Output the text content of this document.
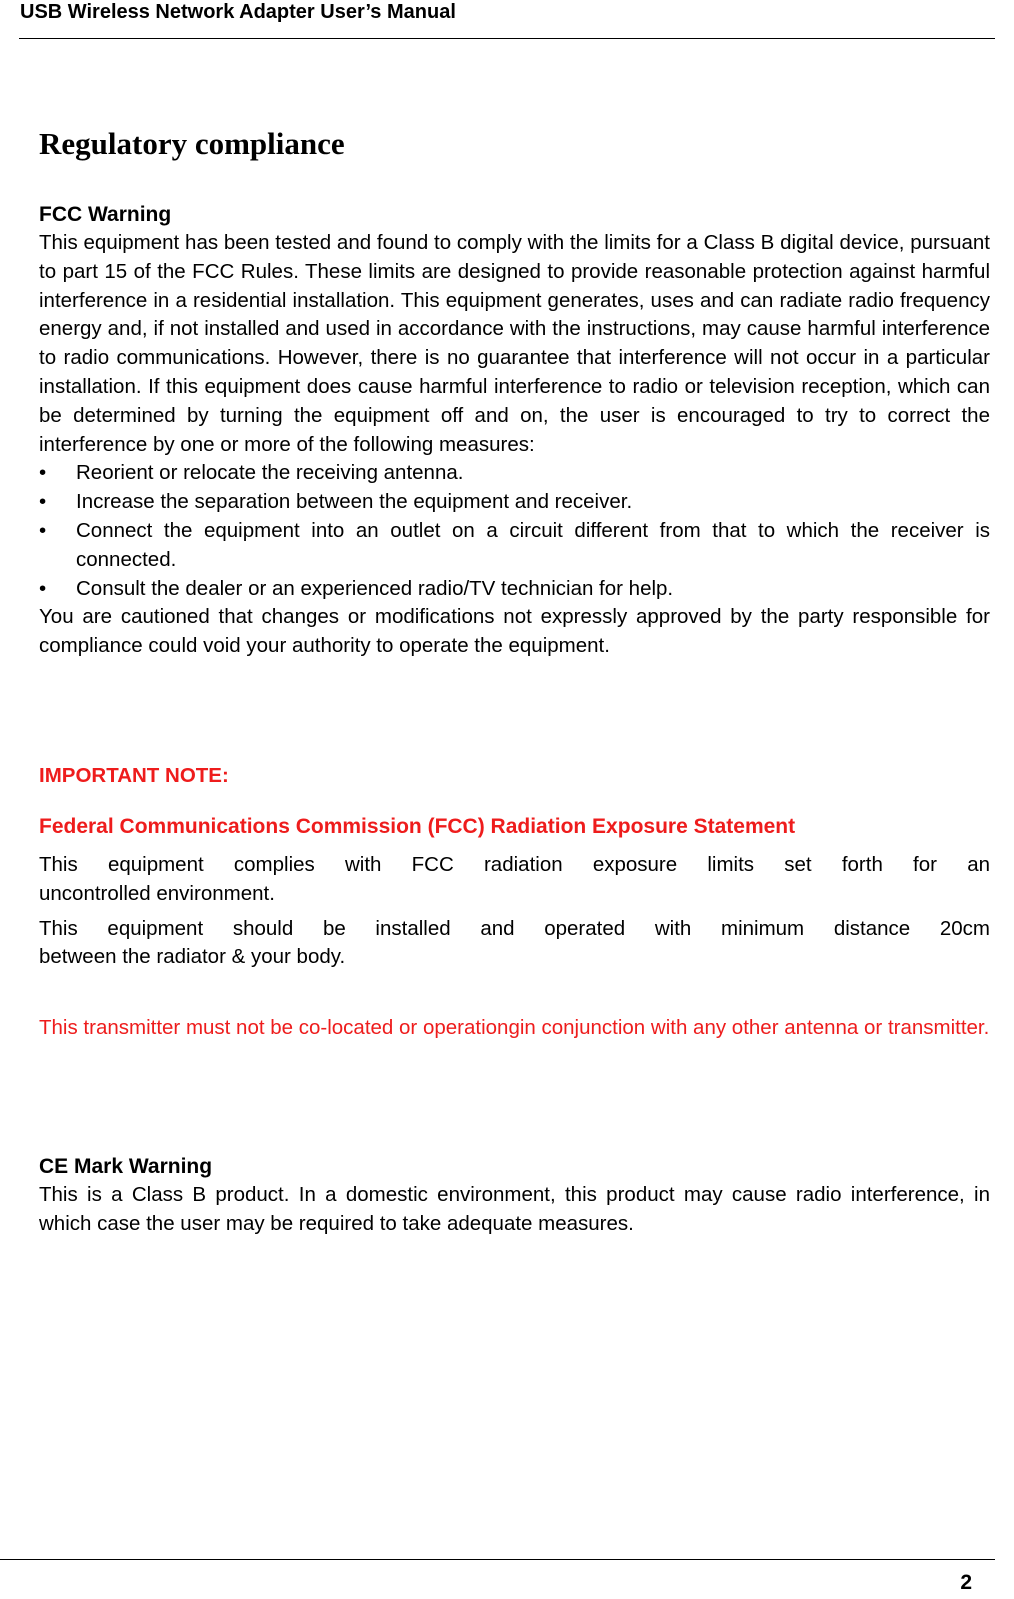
USB Wireless Network Adapter User’s Manual
Regulatory compliance

FCC Warning

This equipment has been tested and found to comply with the limits for a Class B digital device, pursuant to part 15 of the FCC Rules. These limits are designed to provide reasonable protection against harmful interference in a residential installation. This equipment generates, uses and can radiate radio frequency energy and, if not installed and used in accordance with the instructions, may cause harmful interference to radio communications. However, there is no guarantee that interference will not occur in a particular installation. If this equipment does cause harmful interference to radio or television reception, which can be determined by turning the equipment off and on, the user is encouraged to try to correct the interference by one or more of the following measures:

•	Reorient or relocate the receiving antenna.
•	Increase the separation between the equipment and receiver.
•	Connect the equipment into an outlet on a circuit different from that to which the receiver is connected.
•	Consult the dealer or an experienced radio/TV technician for help.

You are cautioned that changes or modifications not expressly approved by the party responsible for compliance could void your authority to operate the equipment.

IMPORTANT NOTE:

Federal Communications Commission (FCC) Radiation Exposure Statement

This equipment complies with FCC radiation exposure limits set forth for an

uncontrolled environment.

This equipment should be installed and operated with minimum distance 20cm

between the radiator & your body.

This transmitter must not be co-located or operationgin conjunction with any other antenna or transmitter.

CE Mark Warning

This is a Class B product. In a domestic environment, this product may cause radio interference, in which case the user may be required to take adequate measures.

2
